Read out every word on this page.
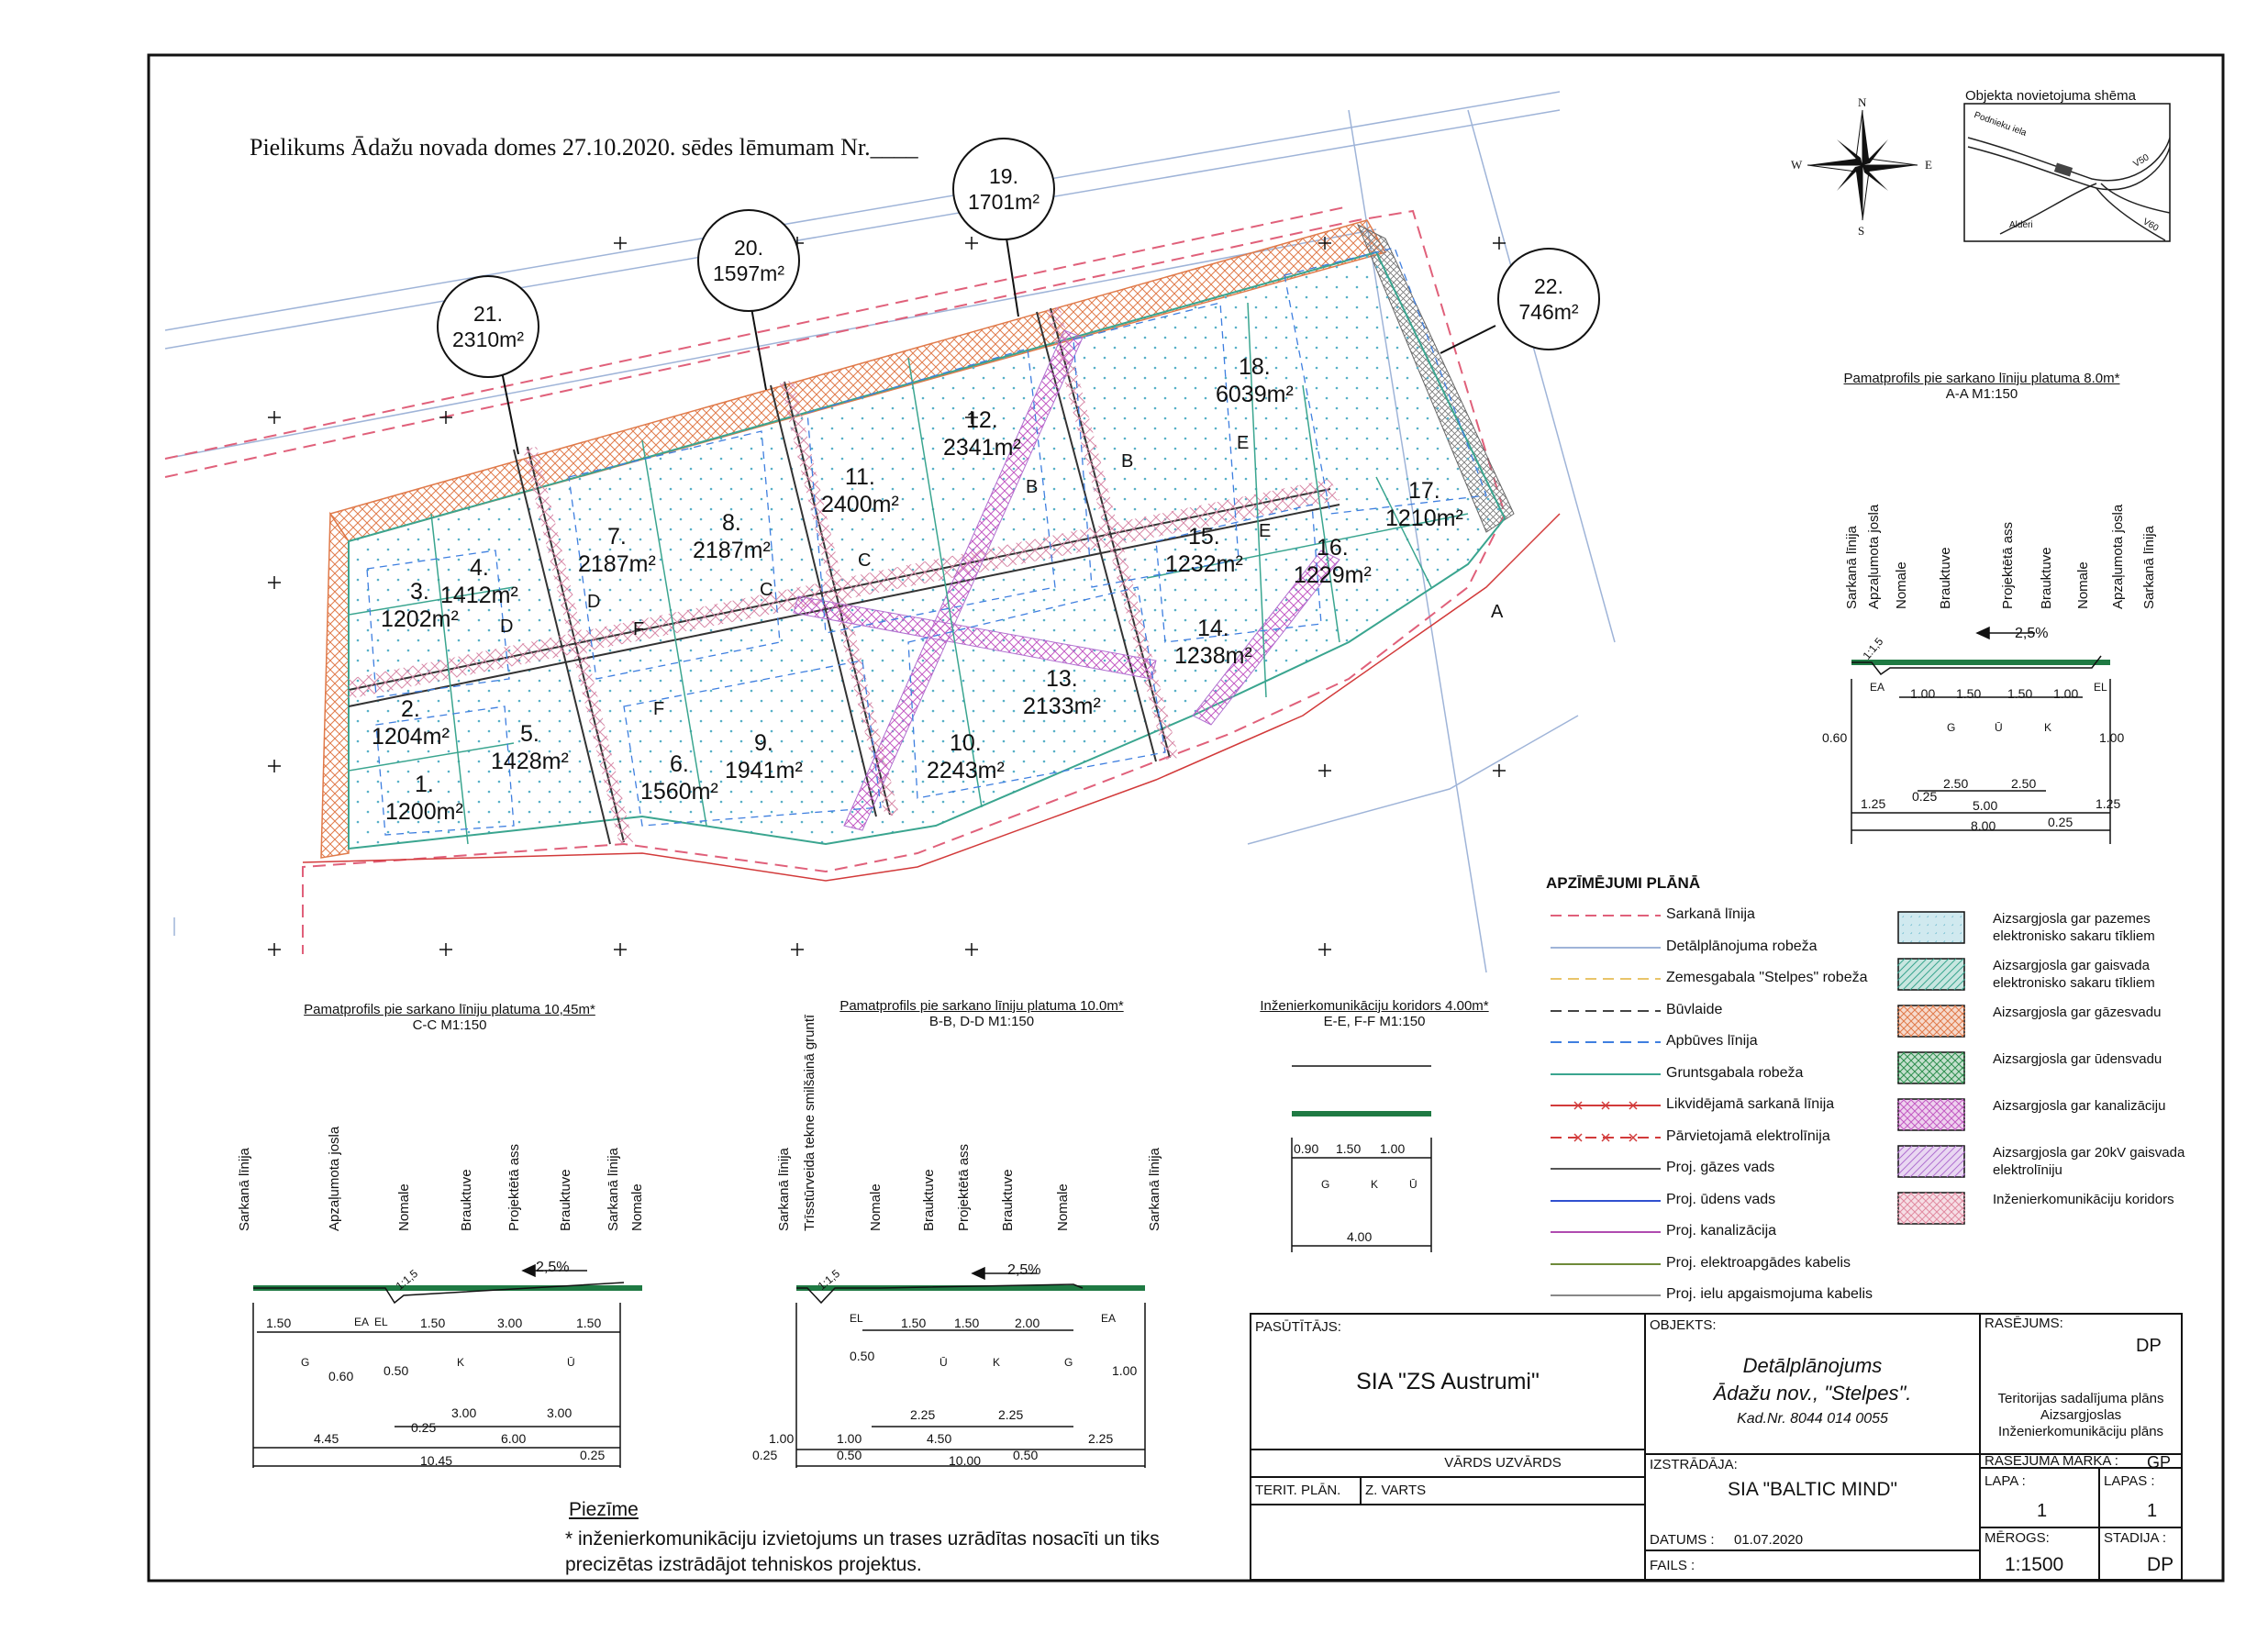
Pielikums Ādažu novada domes 27.10.2020. sēdes lēmumam Nr.____
Objekta novietojuma shēma
Podnieku iela
V50
Alderi	V60
N
S
E
W
1.
1200m²
2.
1204m²
3.
1202m²
4.
1412m²
5.
1428m²	6.
1560m²
7.
2187m²
8.
2187m²
9.
1941m²
10.
2243m²
11.
2400m²
12.
2341m²
13.
2133m²
14.
1238m²
15.
1232m²
16.
1229m²
17.
1210m²
18.
6039m²
19.
1701m²
20.
1597m²
21.
2310m²
22.
746m²
D
D
F
C
C
F
B
B
E
E
A
Pamatprofils pie sarkano līniju platuma 8.0m*
A-A M1:150
Sarkanā līnija Apzaļumota josla Nomale Brauktuve	Projektētā ass Brauktuve Nomale Apzaļumota josla Sarkanā līnija
2,5%
1:1,5
G	Ū	K
EA	EL
1.00 1.50 1.50 1.00
0.60	1.00
2.50	2.50
1.25 0.25
5.00	1.25
8.00	0.25
Pamatprofils pie sarkano līniju platuma 10,45m*
C-C M1:150
Sarkanā līnija	Apzaļumota josla	Nomale	Brauktuve Projektētā ass	Brauktuve Sarkanā līnija Nomale
2,5%
1:1,5
G	K	Ū
EA EL
1.50	1.50	3.00	1.50
0.60 0.50
3.00	3.00
4.45
0.25
6.00
0.25
10.45
Pamatprofils pie sarkano līniju platuma 10.0m*
B-B, D-D M1:150
Sarkanā līnija Trīsstūrveida tekne smilšainā gruntī	Nomale	Brauktuve Projektētā ass Brauktuve	Nomale	Sarkanā līnija
2,5%
1:1,5
Ū	K	G
EL	EA
1.50 1.50	2.00
0.50
1.00
2.25	2.25
1.00	1.00	4.50	2.25
0.25	0.50	10.00 0.50
Inženierkomunikāciju koridors 4.00m*
E-E, F-F M1:150
G	K	Ū
0.90 1.50 1.00
4.00
APZĪMĒJUMI PLĀNĀ
Sarkanā līnija
Detālplānojuma robeža
Zemesgabala "Stelpes" robeža
Būvlaide
Apbūves līnija
Gruntsgabala robeža
Likvidējamā sarkanā līnija
Pārvietojamā elektrolīnija
Proj. gāzes vads
Proj. ūdens vads
Proj. kanalizācija
Proj. elektroapgādes kabelis
Proj. ielu apgaismojuma kabelis
Aizsargjosla gar pazemes elektronisko sakaru tīkliem
Aizsargjosla gar gaisvada elektronisko sakaru tīkliem
Aizsargjosla gar gāzesvadu
Aizsargjosla gar ūdensvadu
Aizsargjosla gar kanalizāciju
Aizsargjosla gar 20kV gaisvada elektrolīniju
Inženierkomunikāciju koridors
Piezīme
* inženierkomunikāciju izvietojums un trases uzrādītas nosacīti un tiks precizētas izstrādājot tehniskos projektus.
PASŪTĪTĀJS:
SIA "ZS Austrumi"
OBJEKTS:
Detālplānojums
Ādažu nov., "Stelpes".
Kad.Nr. 8044 014 0055
RASĒJUMS:
DP
Teritorijas sadalījuma plāns
Aizsargjoslas
Inženierkomunikāciju plāns
VĀRDS UZVĀRDS
TERIT. PLĀN. Z. VARTS
IZSTRĀDĀJA:
SIA "BALTIC MIND"
RASĒJUMA MARKA : GP
LAPA :
1
LAPAS :
1
DATUMS : 01.07.2020
FAILS :
MĒROGS:
1:1500
STADIJA :
DP
